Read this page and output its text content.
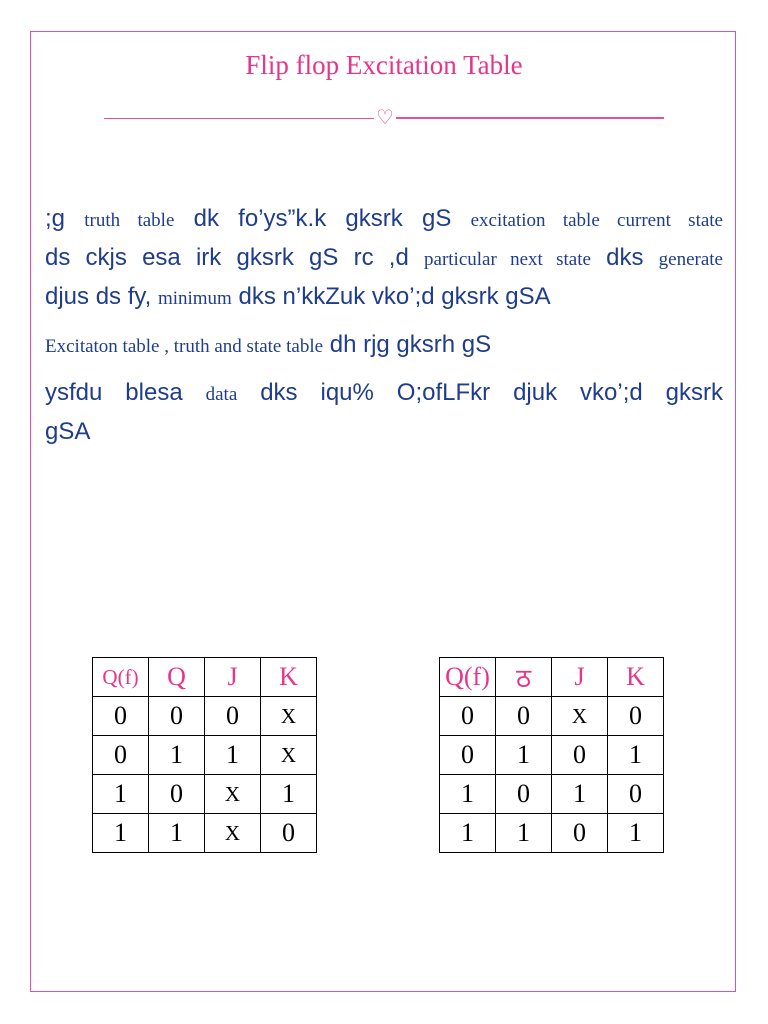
Flip flop Excitation Table
♡
;g truth table dk fo’ys”k.k gksrk gS excitation table current state
ds ckjs esa irk gksrk gS rc ,d particular next state dks generate
djus ds fy, minimum dks n’kkZuk vko’;d gksrk gSA
Excitaton table , truth and state table dh rjg gksrh gS
ysfdu blesa data dks iqu% O;ofLFkr djuk vko’;d gksrk
gSA
Q(f)	Q	J	K
0	0	0	X
0	1	1	X
1	0	X	1
1	1	X	0
Q(f)	ठ	J	K
0	0	X	0
0	1	0	1
1	0	1	0
1	1	0	1
